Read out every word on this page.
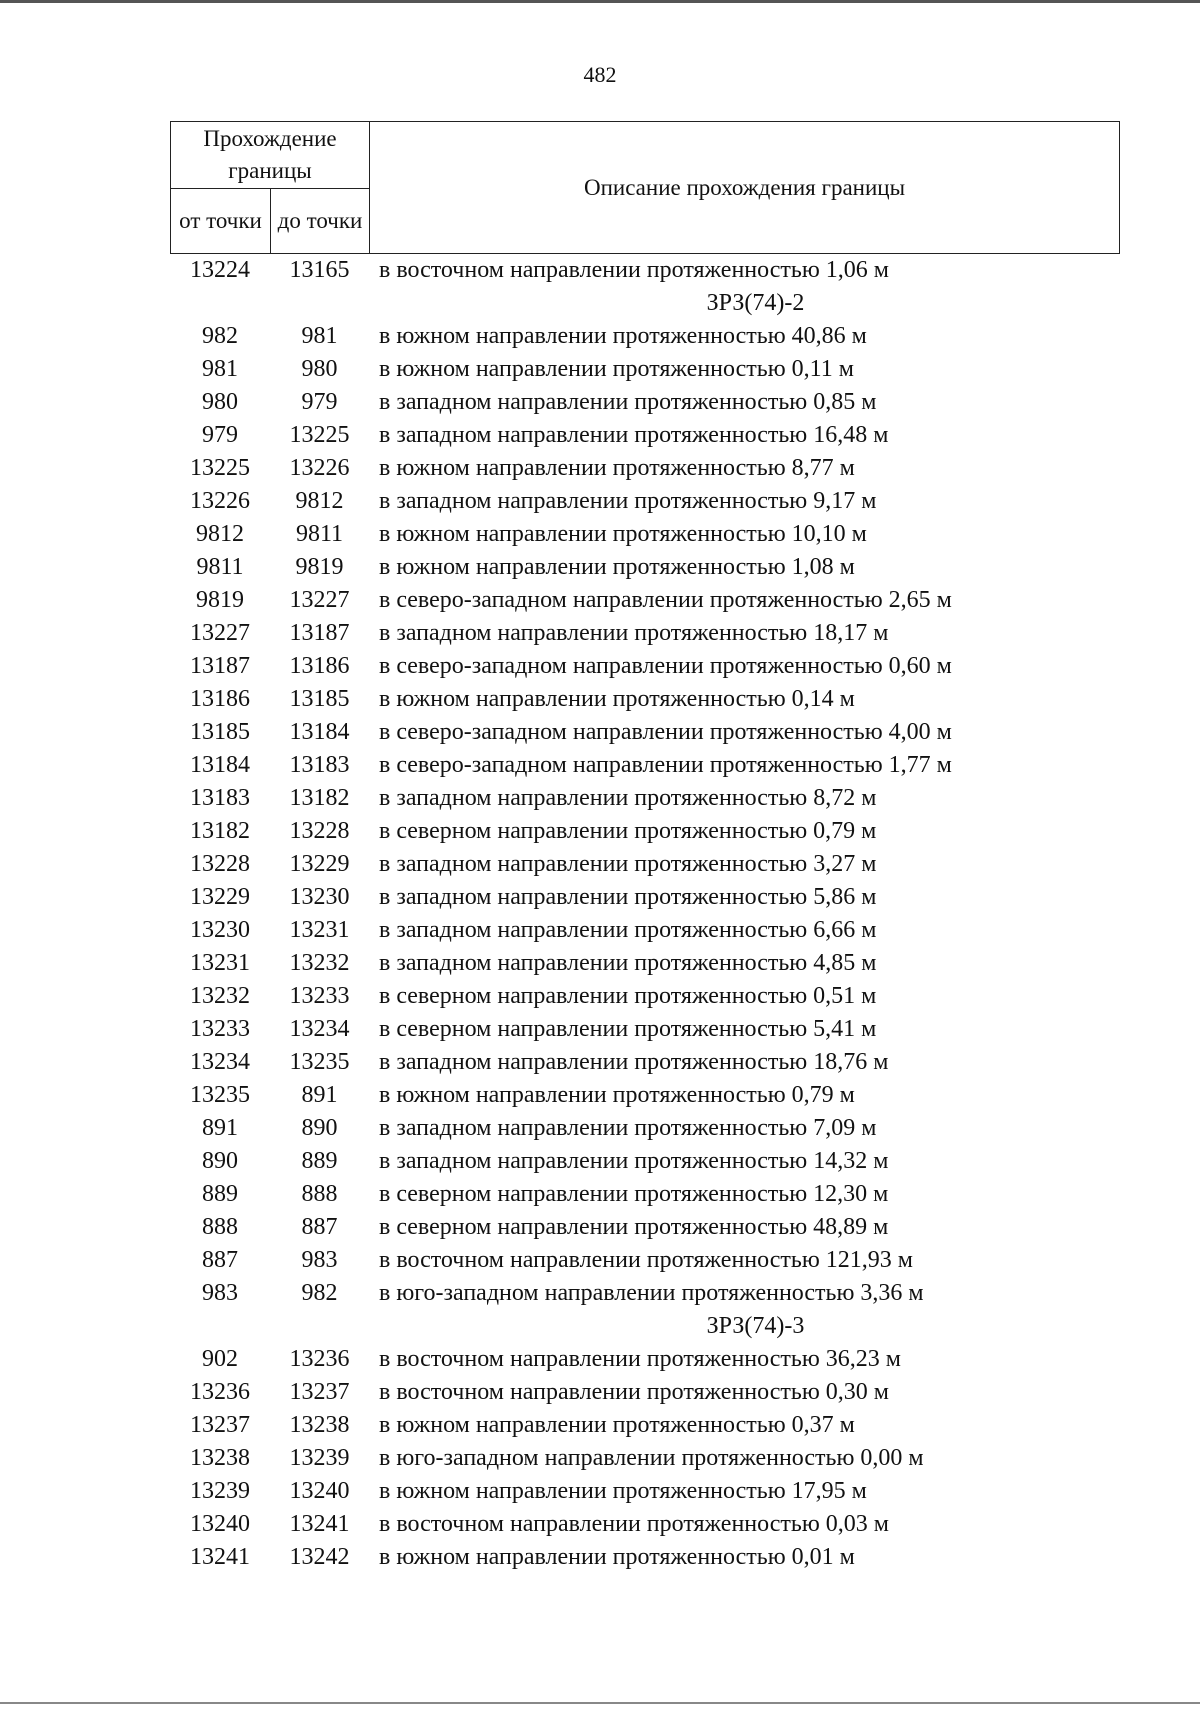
482
Прохождение границы		Описание прохождения границы
от точки	до точки	
13224	13165	в восточном направлении протяженностью 1,06 м
ЗРЗ(74)-2
982	981	в южном направлении протяженностью 40,86 м
981	980	в южном направлении протяженностью 0,11 м
980	979	в западном направлении протяженностью 0,85 м
979	13225	в западном направлении протяженностью 16,48 м
13225	13226	в южном направлении протяженностью 8,77 м
13226	9812	в западном направлении протяженностью 9,17 м
9812	9811	в южном направлении протяженностью 10,10 м
9811	9819	в южном направлении протяженностью 1,08 м
9819	13227	в северо-западном направлении протяженностью 2,65 м
13227	13187	в западном направлении протяженностью 18,17 м
13187	13186	в северо-западном направлении протяженностью 0,60 м
13186	13185	в южном направлении протяженностью 0,14 м
13185	13184	в северо-западном направлении протяженностью 4,00 м
13184	13183	в северо-западном направлении протяженностью 1,77 м
13183	13182	в западном направлении протяженностью 8,72 м
13182	13228	в северном направлении протяженностью 0,79 м
13228	13229	в западном направлении протяженностью 3,27 м
13229	13230	в западном направлении протяженностью 5,86 м
13230	13231	в западном направлении протяженностью 6,66 м
13231	13232	в западном направлении протяженностью 4,85 м
13232	13233	в северном направлении протяженностью 0,51 м
13233	13234	в северном направлении протяженностью 5,41 м
13234	13235	в западном направлении протяженностью 18,76 м
13235	891	в южном направлении протяженностью 0,79 м
891	890	в западном направлении протяженностью 7,09 м
890	889	в западном направлении протяженностью 14,32 м
889	888	в северном направлении протяженностью 12,30 м
888	887	в северном направлении протяженностью 48,89 м
887	983	в восточном направлении протяженностью 121,93 м
983	982	в юго-западном направлении протяженностью 3,36 м
ЗРЗ(74)-3
902	13236	в восточном направлении протяженностью 36,23 м
13236	13237	в восточном направлении протяженностью 0,30 м
13237	13238	в южном направлении протяженностью 0,37 м
13238	13239	в юго-западном направлении протяженностью 0,00 м
13239	13240	в южном направлении протяженностью 17,95 м
13240	13241	в восточном направлении протяженностью 0,03 м
13241	13242	в южном направлении протяженностью 0,01 м
